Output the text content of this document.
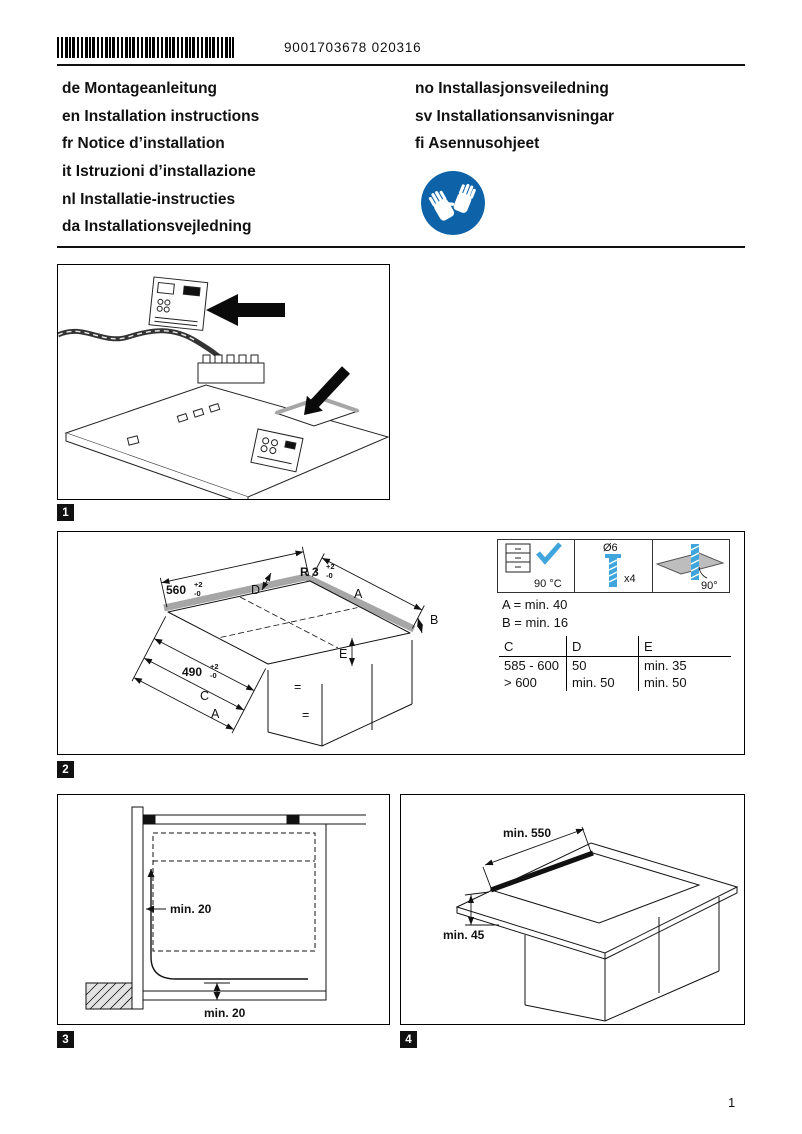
9001703678 020316
de Montageanleitung
en Installation instructions
fr Notice d’installation
it Istruzioni d’installazione
nl Installatie-instructies
da Installationsvejledning
no Installasjonsveiledning
sv Installationsanvisningar
fi Asennusohjeet
1
560 +2
-0
R 3 +2
-0
490 +2
-0
D	A
B
E
C
A
=
=
90 °C
Ø6
x4
90°
A = min. 40
B = min. 16
C	D	E
585 - 600	50	min. 35
> 600	min. 50	min. 50
2
min. 20
min. 20
min. 550
min. 45
3	4
1
